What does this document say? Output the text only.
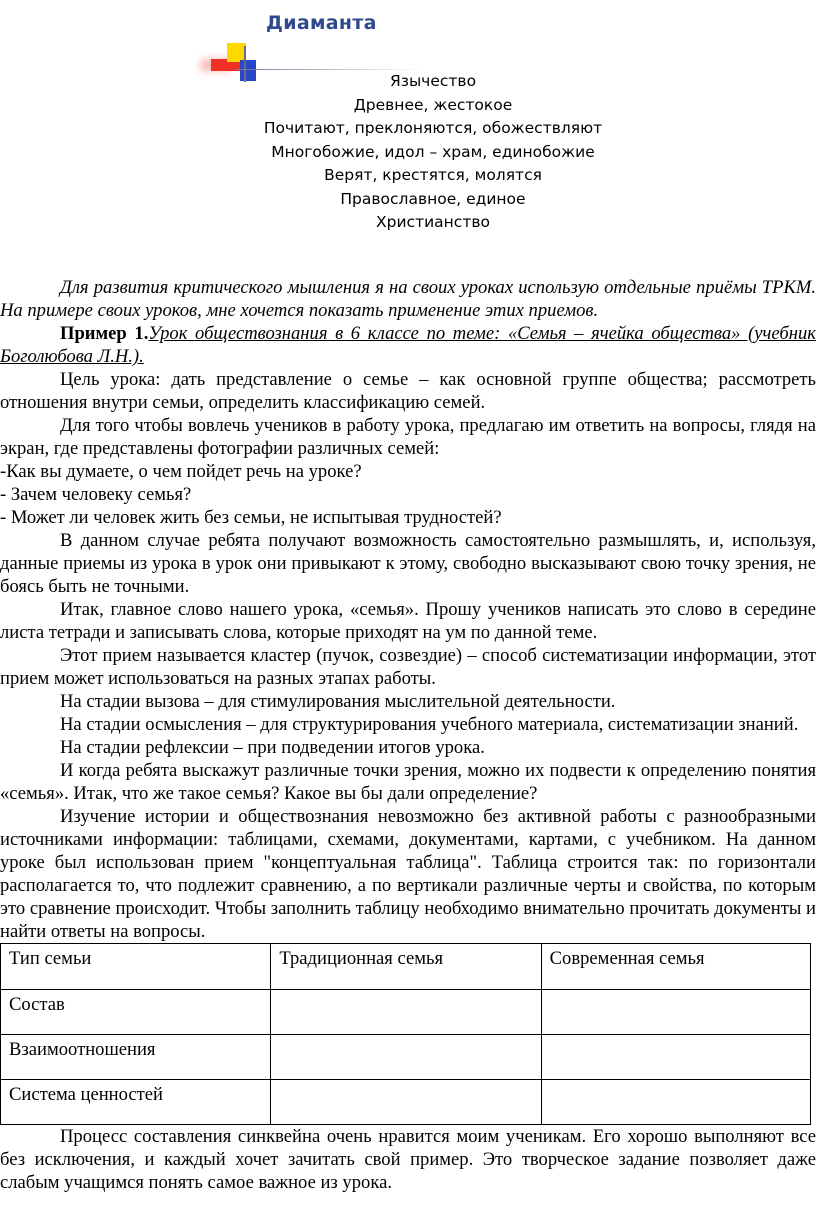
Диаманта
Язычество
Древнее, жестокое
Почитают, преклоняются, обожествляют
Многобожие, идол – храм, единобожие
Верят, крестятся, молятся
Православное, единое
Христианство

Для развития критического мышления я на своих уроках использую отдельные приёмы ТРКМ. На примере своих уроков, мне хочется показать применение этих приемов.

Пример 1.Урок обществознания в 6 классе по теме: «Семья – ячейка общества» (учебник Боголюбова Л.Н.).

Цель урока: дать представление о семье – как основной группе общества; рассмотреть отношения внутри семьи, определить классификацию семей.

Для того чтобы вовлечь учеников в работу урока, предлагаю им ответить на вопросы, глядя на экран, где представлены фотографии различных семей:

-Как вы думаете, о чем пойдет речь на уроке?

- Зачем человеку семья?

- Может ли человек жить без семьи, не испытывая трудностей?

В данном случае ребята получают возможность самостоятельно размышлять, и, используя, данные приемы из урока в урок они привыкают к этому, свободно высказывают свою точку зрения, не боясь быть не точными.

Итак, главное слово нашего урока, «семья». Прошу учеников написать это слово в середине листа тетради и записывать слова, которые приходят на ум по данной теме.

Этот прием называется кластер (пучок, созвездие) – способ систематизации информации, этот прием может использоваться на разных этапах работы.

На стадии вызова – для стимулирования мыслительной деятельности.

На стадии осмысления – для структурирования учебного материала, систематизации знаний.

На стадии рефлексии – при подведении итогов урока.

И когда ребята выскажут различные точки зрения, можно их подвести к определению понятия «семья». Итак, что же такое семья? Какое вы бы дали определение?

Изучение истории и обществознания невозможно без активной работы с разнообразными источниками информации: таблицами, схемами, документами, картами, с учебником. На данном уроке был использован прием "концептуальная таблица". Таблица строится так: по горизонтали располагается то, что подлежит сравнению, а по вертикали различные черты и свойства, по которым это сравнение происходит. Чтобы заполнить таблицу необходимо внимательно прочитать документы и найти ответы на вопросы.

Тип семьи	Традиционная семья	Современная семья
Состав		
Взаимоотношения		
Система ценностей		

Процесс составления синквейна очень нравится моим ученикам. Его хорошо выполняют все без исключения, и каждый хочет зачитать свой пример. Это творческое задание позволяет даже слабым учащимся понять самое важное из урока.
